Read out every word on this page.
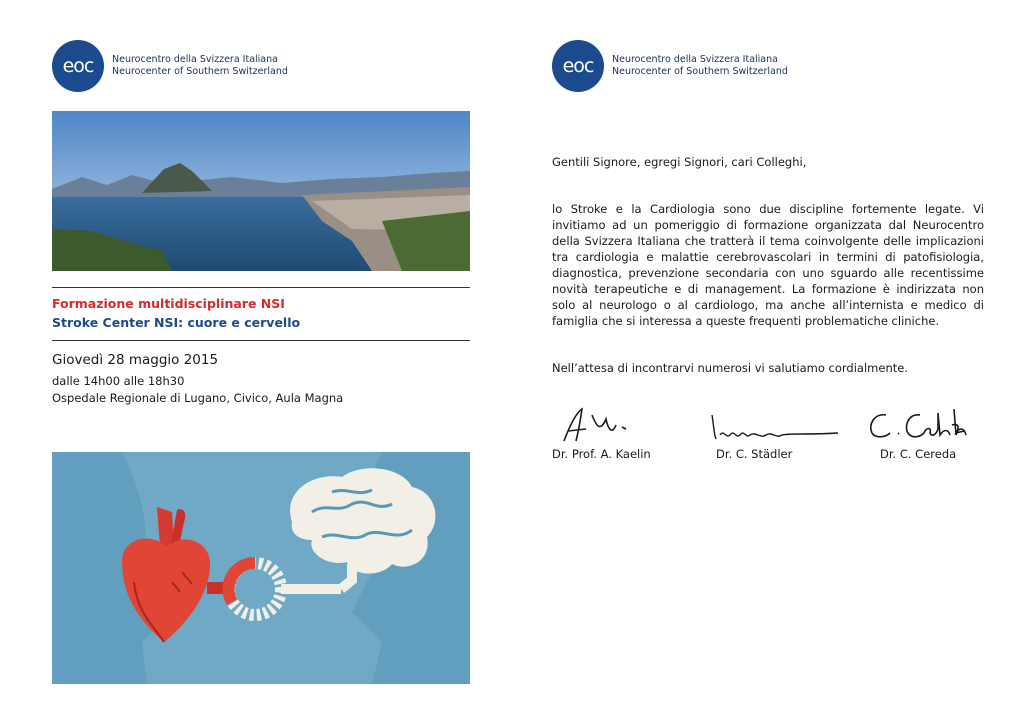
eoc	Neurocentro della Svizzera Italiana
Neurocenter of Southern Switzerland
Formazione multidisciplinare NSI
Stroke Center NSI: cuore e cervello
Giovedì 28 maggio 2015
dalle 14h00 alle 18h30
Ospedale Regionale di Lugano, Civico, Aula Magna
eoc	Neurocentro della Svizzera Italiana
Neurocenter of Southern Switzerland
Gentili Signore, egregi Signori, cari Colleghi,
lo Stroke e la Cardiologia sono due discipline fortemente legate. Vi invitiamo ad un pomeriggio di formazione organizzata dal Neurocentro della Svizzera Italiana che tratterà il tema coinvolgente delle implicazioni tra cardiologia e malattie cerebrovascolari in termini di patofisiologia, diagnostica, prevenzione secondaria con uno sguardo alle recentissime novità terapeutiche e di management. La formazione è indirizzata non solo al neurologo o al cardiologo, ma anche all’internista e medico di famiglia che si interessa a queste frequenti problematiche cliniche.
Nell’attesa di incontrarvi numerosi vi salutiamo cordialmente.
Dr. Prof. A. Kaelin	Dr. C. Städler	Dr. C. Cereda
